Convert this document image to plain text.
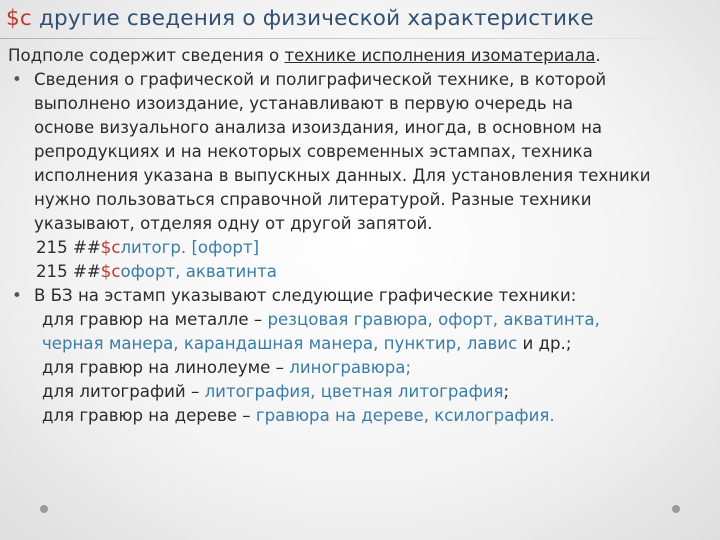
$c другие сведения о физической характеристике
Подполе содержит сведения о технике исполнения изоматериала.
• Сведения о графической и полиграфической технике, в которой
выполнено изоиздание, устанавливают в первую очередь на
основе визуального анализа изоиздания, иногда, в основном на
репродукциях и на некоторых современных эстампах, техника
исполнения указана в выпускных данных. Для установления техники
нужно пользоваться справочной литературой. Разные техники
указывают, отделяя одну от другой запятой.
215 ##$cлитогр. [офорт]
215 ##$cофорт, акватинта
• В БЗ на эстамп указывают следующие графические техники:
для гравюр на металле – резцовая гравюра, офорт, акватинта,
черная манера, карандашная манера, пунктир, лавис и др.;
для гравюр на линолеуме – линогравюра;
для литографий – литография, цветная литография;
для гравюр на дереве – гравюра на дереве, ксилография.
